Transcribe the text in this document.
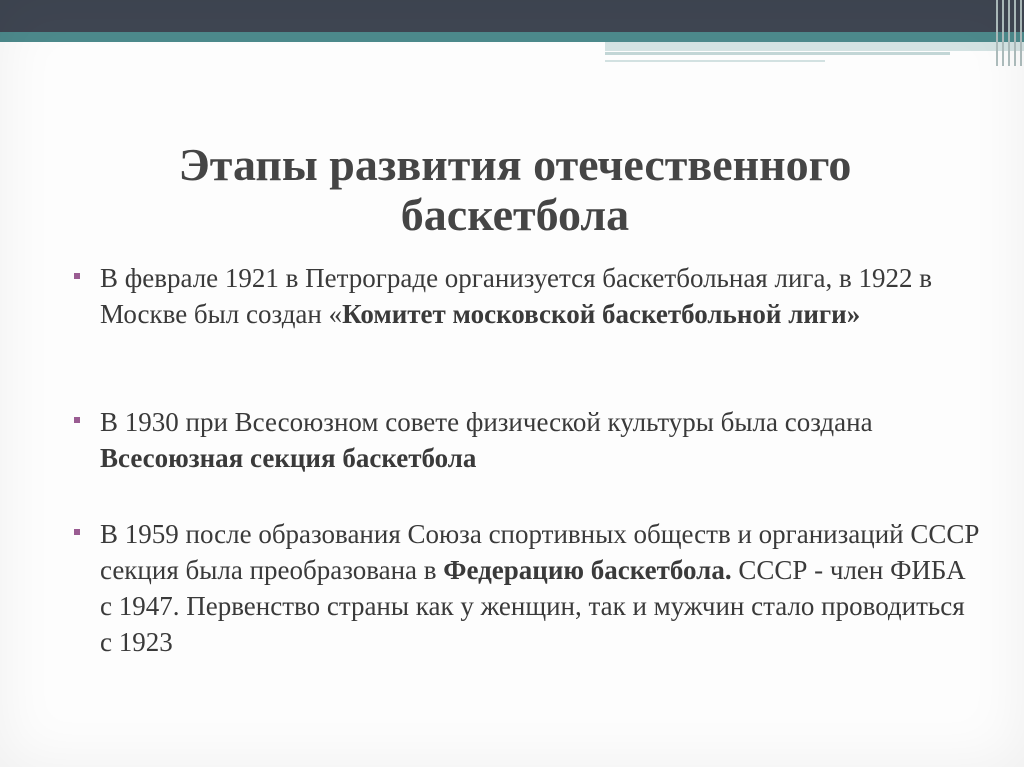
Этапы развития отечественного баскетбола
В феврале 1921 в Петрограде организуется баскетбольная лига, в 1922 в Москве был создан «Комитет московской баскетбольной лиги»
В 1930 при Всесоюзном совете физической культуры была создана Всесоюзная секция баскетбола
В 1959 после образования Союза спортивных обществ и организаций СССР секция была преобразована в Федерацию баскетбола. СССР - член ФИБА с 1947. Первенство страны как у женщин, так и мужчин стало проводиться с 1923
